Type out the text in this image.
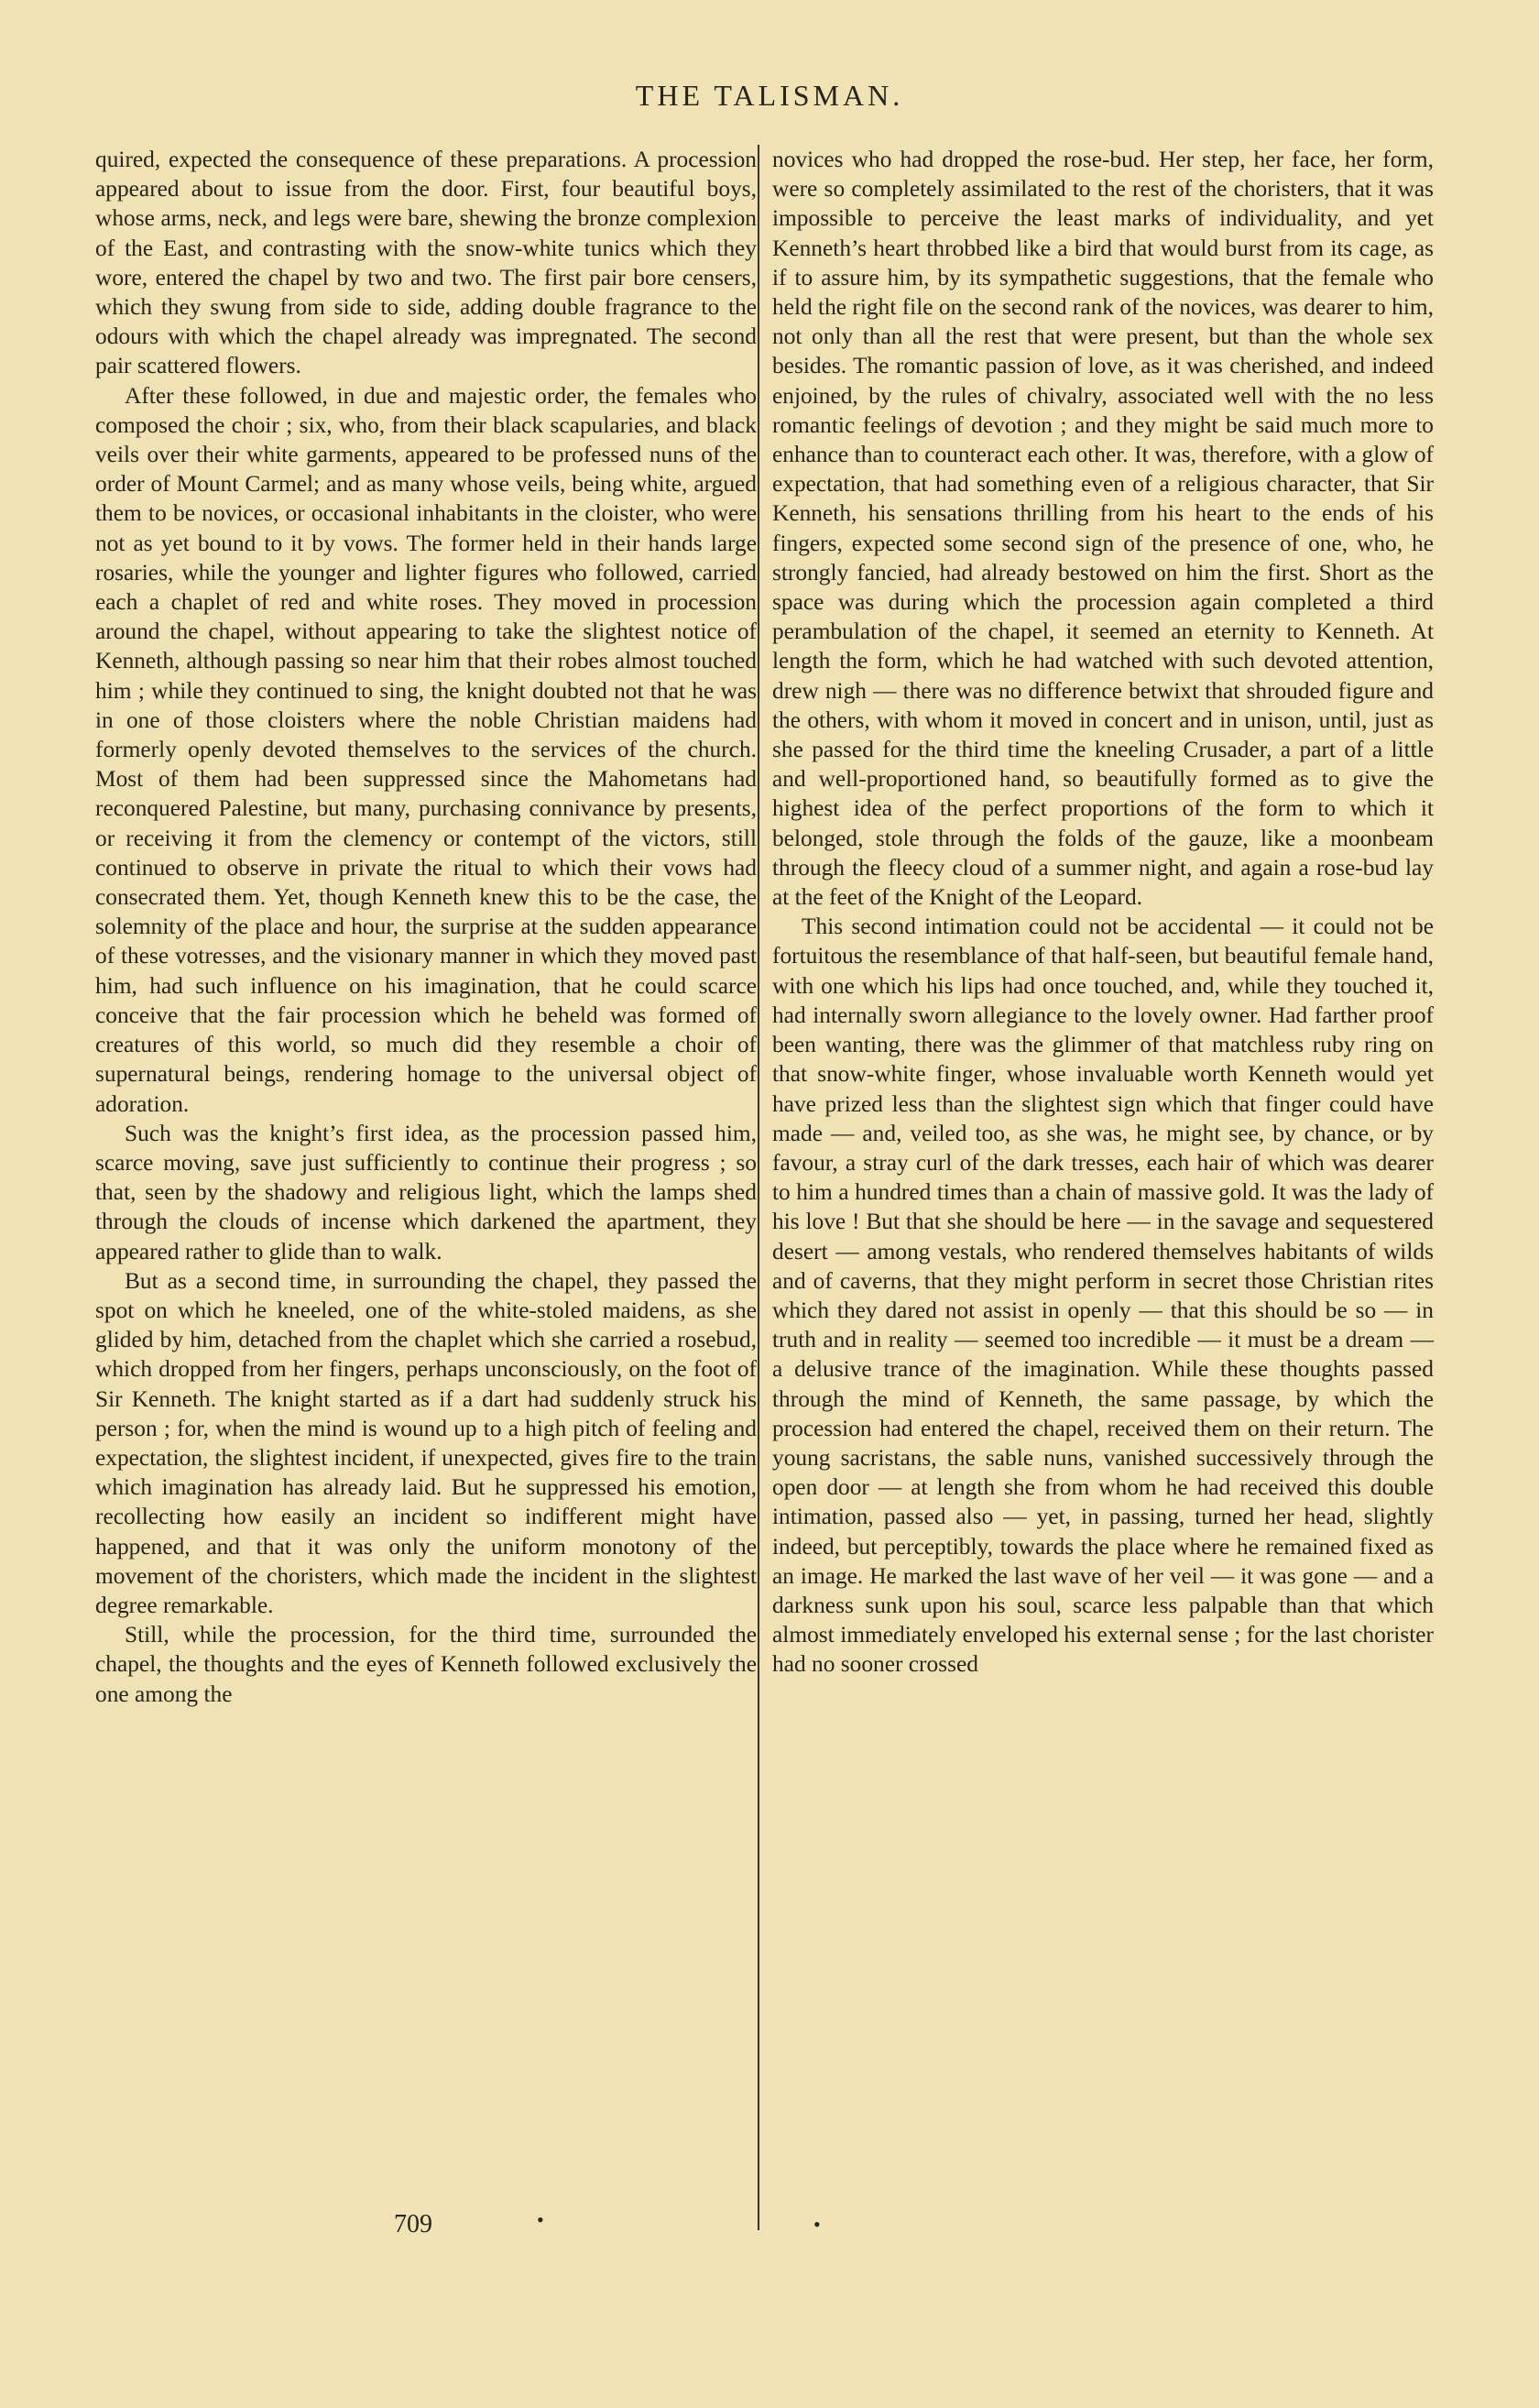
THE TALISMAN.

quired, expected the consequence of these preparations. A procession appeared about to issue from the door. First, four beautiful boys, whose arms, neck, and legs were bare, shewing the bronze complexion of the East, and contrasting with the snow-white tunics which they wore, entered the chapel by two and two. The first pair bore censers, which they swung from side to side, adding double fragrance to the odours with which the chapel already was impregnated. The second pair scattered flowers.

After these followed, in due and majestic order, the females who composed the choir ; six, who, from their black scapularies, and black veils over their white garments, appeared to be professed nuns of the order of Mount Carmel; and as many whose veils, being white, argued them to be novices, or occasional inhabitants in the cloister, who were not as yet bound to it by vows. The former held in their hands large rosaries, while the younger and lighter figures who followed, carried each a chaplet of red and white roses. They moved in procession around the chapel, without appearing to take the slightest notice of Kenneth, although passing so near him that their robes almost touched him ; while they continued to sing, the knight doubted not that he was in one of those cloisters where the noble Christian maidens had formerly openly devoted themselves to the services of the church. Most of them had been suppressed since the Mahometans had reconquered Palestine, but many, purchasing connivance by presents, or receiving it from the clemency or contempt of the victors, still continued to observe in private the ritual to which their vows had consecrated them. Yet, though Kenneth knew this to be the case, the solemnity of the place and hour, the surprise at the sudden appearance of these votresses, and the visionary manner in which they moved past him, had such influence on his imagination, that he could scarce conceive that the fair procession which he beheld was formed of creatures of this world, so much did they resemble a choir of supernatural beings, rendering homage to the universal object of adoration.

Such was the knight’s first idea, as the procession passed him, scarce moving, save just sufficiently to continue their progress ; so that, seen by the shadowy and religious light, which the lamps shed through the clouds of incense which darkened the apartment, they appeared rather to glide than to walk.

But as a second time, in surrounding the chapel, they passed the spot on which he kneeled, one of the white-stoled maidens, as she glided by him, detached from the chaplet which she carried a rosebud, which dropped from her fingers, perhaps unconsciously, on the foot of Sir Kenneth. The knight started as if a dart had suddenly struck his person ; for, when the mind is wound up to a high pitch of feeling and expectation, the slightest incident, if unexpected, gives fire to the train which imagination has already laid. But he suppressed his emotion, recollecting how easily an incident so indifferent might have happened, and that it was only the uniform monotony of the movement of the choristers, which made the incident in the slightest degree remarkable.

Still, while the procession, for the third time, surrounded the chapel, the thoughts and the eyes of Kenneth followed exclusively the one among the

novices who had dropped the rose-bud. Her step, her face, her form, were so completely assimilated to the rest of the choristers, that it was impossible to perceive the least marks of individuality, and yet Kenneth’s heart throbbed like a bird that would burst from its cage, as if to assure him, by its sympathetic suggestions, that the female who held the right file on the second rank of the novices, was dearer to him, not only than all the rest that were present, but than the whole sex besides. The romantic passion of love, as it was cherished, and indeed enjoined, by the rules of chivalry, associated well with the no less romantic feelings of devotion ; and they might be said much more to enhance than to counteract each other. It was, therefore, with a glow of expectation, that had something even of a religious character, that Sir Kenneth, his sensations thrilling from his heart to the ends of his fingers, expected some second sign of the presence of one, who, he strongly fancied, had already bestowed on him the first. Short as the space was during which the procession again completed a third perambulation of the chapel, it seemed an eternity to Kenneth. At length the form, which he had watched with such devoted attention, drew nigh — there was no difference betwixt that shrouded figure and the others, with whom it moved in concert and in unison, until, just as she passed for the third time the kneeling Crusader, a part of a little and well-proportioned hand, so beautifully formed as to give the highest idea of the perfect proportions of the form to which it belonged, stole through the folds of the gauze, like a moonbeam through the fleecy cloud of a summer night, and again a rose-bud lay at the feet of the Knight of the Leopard.

This second intimation could not be accidental — it could not be fortuitous the resemblance of that half-seen, but beautiful female hand, with one which his lips had once touched, and, while they touched it, had internally sworn allegiance to the lovely owner. Had farther proof been wanting, there was the glimmer of that matchless ruby ring on that snow-white finger, whose invaluable worth Kenneth would yet have prized less than the slightest sign which that finger could have made — and, veiled too, as she was, he might see, by chance, or by favour, a stray curl of the dark tresses, each hair of which was dearer to him a hundred times than a chain of massive gold. It was the lady of his love ! But that she should be here — in the savage and sequestered desert — among vestals, who rendered themselves habitants of wilds and of caverns, that they might perform in secret those Christian rites which they dared not assist in openly — that this should be so — in truth and in reality — seemed too incredible — it must be a dream — a delusive trance of the imagination. While these thoughts passed through the mind of Kenneth, the same passage, by which the procession had entered the chapel, received them on their return. The young sacristans, the sable nuns, vanished successively through the open door — at length she from whom he had received this double intimation, passed also — yet, in passing, turned her head, slightly indeed, but perceptibly, towards the place where he remained fixed as an image. He marked the last wave of her veil — it was gone — and a darkness sunk upon his soul, scarce less palpable than that which almost immediately enveloped his external sense ; for the last chorister had no sooner crossed

709	•	•
